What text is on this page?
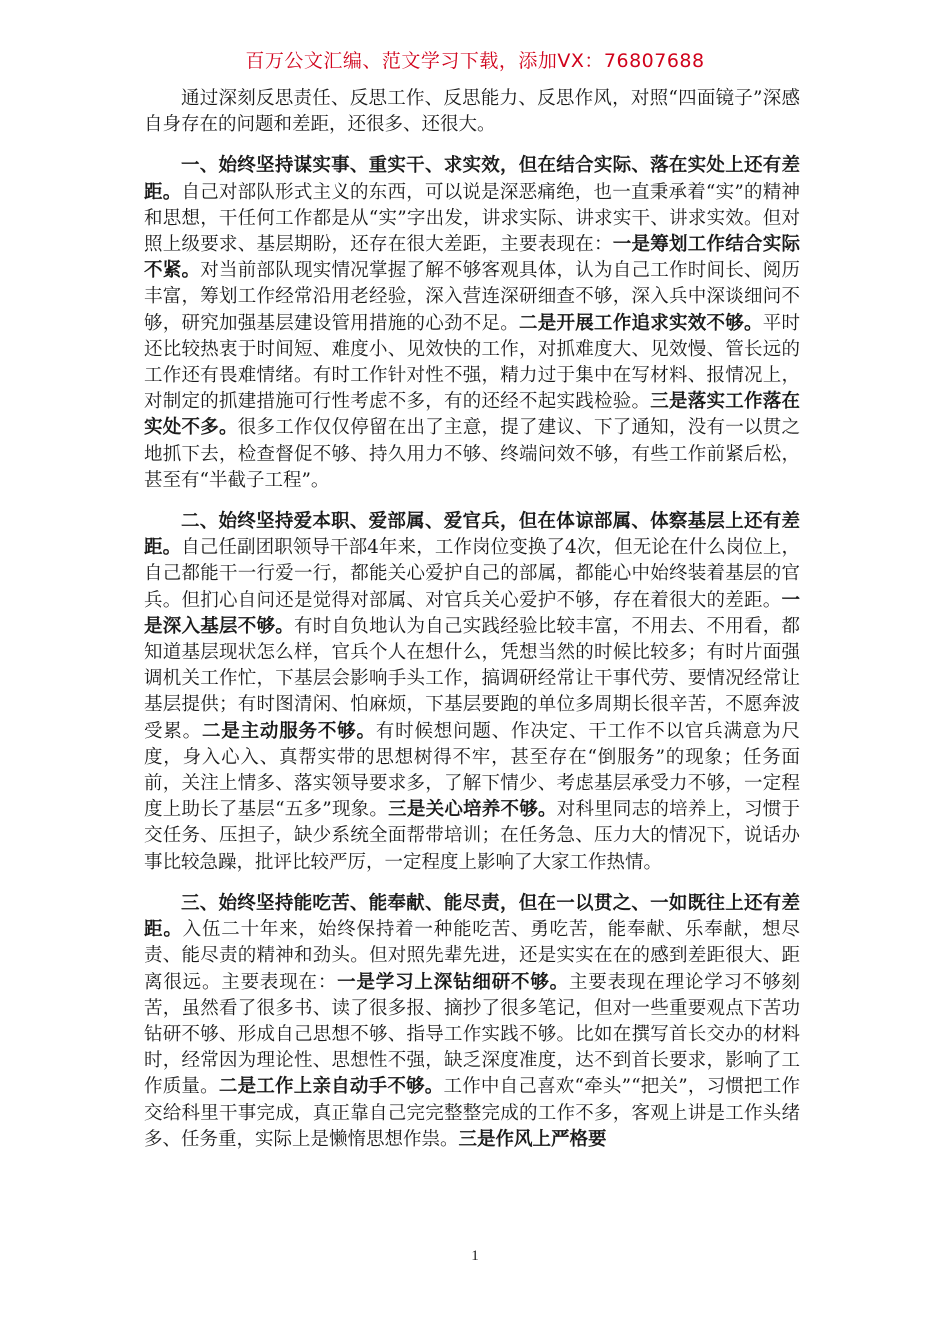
百万公文汇编、范文学习下载，添加VX：76807688

通过深刻反思责任、反思工作、反思能力、反思作风，对照“四面镜子”深感自身存在的问题和差距，还很多、还很大。

一、始终坚持谋实事、重实干、求实效，但在结合实际、落在实处上还有差距。自己对部队形式主义的东西，可以说是深恶痛绝，也一直秉承着“实”的精神和思想，干任何工作都是从“实”字出发，讲求实际、讲求实干、讲求实效。但对照上级要求、基层期盼，还存在很大差距，主要表现在：一是筹划工作结合实际不紧。对当前部队现实情况掌握了解不够客观具体，认为自己工作时间长、阅历丰富，筹划工作经常沿用老经验，深入营连深研细查不够，深入兵中深谈细问不够，研究加强基层建设管用措施的心劲不足。二是开展工作追求实效不够。平时还比较热衷于时间短、难度小、见效快的工作，对抓难度大、见效慢、管长远的工作还有畏难情绪。有时工作针对性不强，精力过于集中在写材料、报情况上，对制定的抓建措施可行性考虑不多，有的还经不起实践检验。三是落实工作落在实处不多。很多工作仅仅停留在出了主意，提了建议、下了通知，没有一以贯之地抓下去，检查督促不够、持久用力不够、终端问效不够，有些工作前紧后松，甚至有“半截子工程”。

二、始终坚持爱本职、爱部属、爱官兵，但在体谅部属、体察基层上还有差距。自己任副团职领导干部4年来，工作岗位变换了4次，但无论在什么岗位上，自己都能干一行爱一行，都能关心爱护自己的部属，都能心中始终装着基层的官兵。但扪心自问还是觉得对部属、对官兵关心爱护不够，存在着很大的差距。一是深入基层不够。有时自负地认为自己实践经验比较丰富，不用去、不用看，都知道基层现状怎么样，官兵个人在想什么，凭想当然的时候比较多；有时片面强调机关工作忙，下基层会影响手头工作，搞调研经常让干事代劳、要情况经常让基层提供；有时图清闲、怕麻烦，下基层要跑的单位多周期长很辛苦，不愿奔波受累。二是主动服务不够。有时候想问题、作决定、干工作不以官兵满意为尺度，身入心入、真帮实带的思想树得不牢，甚至存在“倒服务”的现象；任务面前，关注上情多、落实领导要求多，了解下情少、考虑基层承受力不够，一定程度上助长了基层“五多”现象。三是关心培养不够。对科里同志的培养上，习惯于交任务、压担子，缺少系统全面帮带培训；在任务急、压力大的情况下，说话办事比较急躁，批评比较严厉，一定程度上影响了大家工作热情。

三、始终坚持能吃苦、能奉献、能尽责，但在一以贯之、一如既往上还有差距。入伍二十年来，始终保持着一种能吃苦、勇吃苦，能奉献、乐奉献，想尽责、能尽责的精神和劲头。但对照先辈先进，还是实实在在的感到差距很大、距离很远。主要表现在：一是学习上深钻细研不够。主要表现在理论学习不够刻苦，虽然看了很多书、读了很多报、摘抄了很多笔记，但对一些重要观点下苦功钻研不够、形成自己思想不够、指导工作实践不够。比如在撰写首长交办的材料时，经常因为理论性、思想性不强，缺乏深度准度，达不到首长要求，影响了工作质量。二是工作上亲自动手不够。工作中自己喜欢“牵头”“把关”，习惯把工作交给科里干事完成，真正靠自己完完整整完成的工作不多，客观上讲是工作头绪多、任务重，实际上是懒惰思想作祟。三是作风上严格要

1
